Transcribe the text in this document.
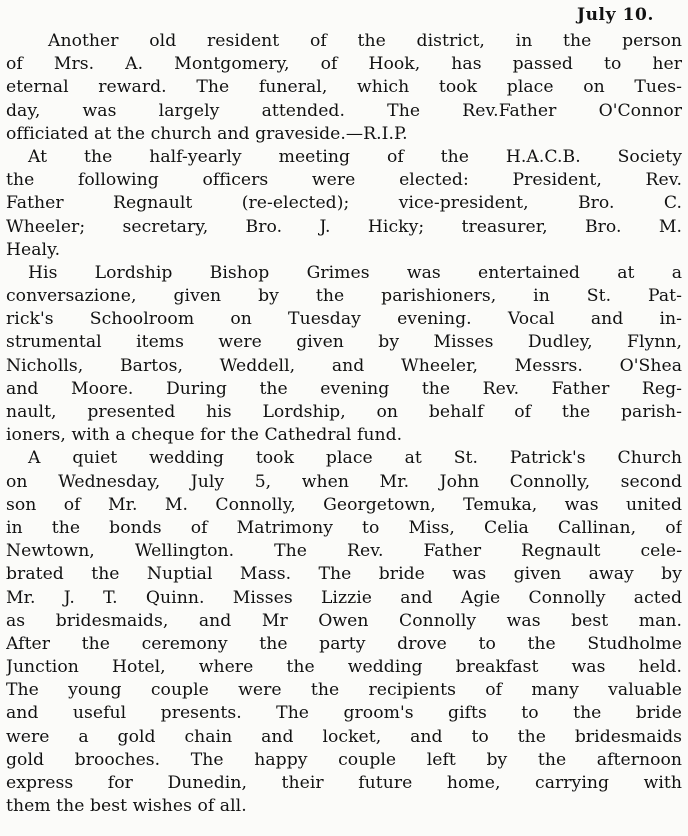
July 10.
Another old resident of the district, in the person
of Mrs. A. Montgomery, of Hook, has passed to her
eternal reward. The funeral, which took place on Tues-
day, was largely attended. The Rev.Father O'Connor
officiated at the church and graveside.—R.I.P.
At the half-yearly meeting of the H.A.C.B. Society
the following officers were elected: President, Rev.
Father Regnault (re-elected); vice-president, Bro. C.
Wheeler; secretary, Bro. J. Hicky; treasurer, Bro. M.
Healy.
His Lordship Bishop Grimes was entertained at a
conversazione, given by the parishioners, in St. Pat-
rick's Schoolroom on Tuesday evening. Vocal and in-
strumental items were given by Misses Dudley, Flynn,
Nicholls, Bartos, Weddell, and Wheeler, Messrs. O'Shea
and Moore. During the evening the Rev. Father Reg-
nault, presented his Lordship, on behalf of the parish-
ioners, with a cheque for the Cathedral fund.
A quiet wedding took place at St. Patrick's Church
on Wednesday, July 5, when Mr. John Connolly, second
son of Mr. M. Connolly, Georgetown, Temuka, was united
in the bonds of Matrimony to Miss, Celia Callinan, of
Newtown, Wellington. The Rev. Father Regnault cele-
brated the Nuptial Mass. The bride was given away by
Mr. J. T. Quinn. Misses Lizzie and Agie Connolly acted
as bridesmaids, and Mr Owen Connolly was best man.
After the ceremony the party drove to the Studholme
Junction Hotel, where the wedding breakfast was held.
The young couple were the recipients of many valuable
and useful presents. The groom's gifts to the bride
were a gold chain and locket, and to the bridesmaids
gold brooches. The happy couple left by the afternoon
express for Dunedin, their future home, carrying with
them the best wishes of all.
